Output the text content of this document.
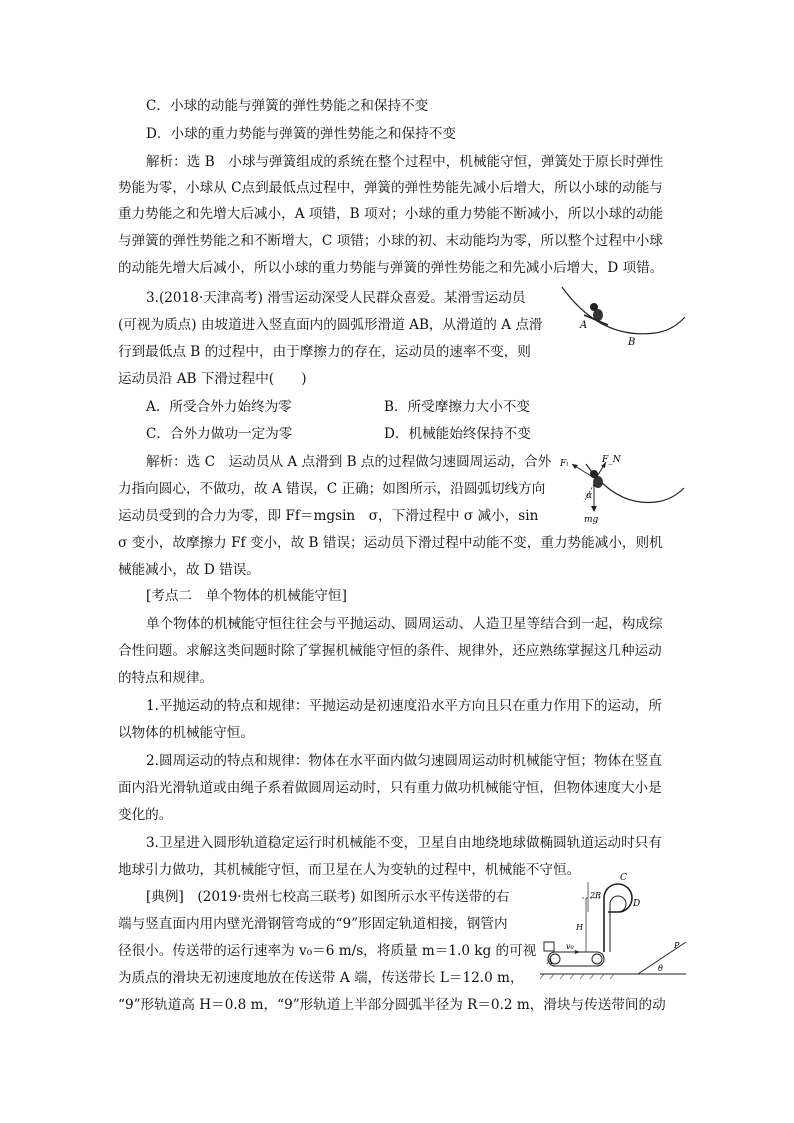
C．小球的动能与弹簧的弹性势能之和保持不变
D．小球的重力势能与弹簧的弹性势能之和保持不变
解析：选 B　小球与弹簧组成的系统在整个过程中，机械能守恒，弹簧处于原长时弹性
势能为零，小球从 C点到最低点过程中，弹簧的弹性势能先减小后增大，所以小球的动能与
重力势能之和先增大后减小，A 项错，B 项对；小球的重力势能不断减小，所以小球的动能
与弹簧的弹性势能之和不断增大，C 项错；小球的初、末动能均为零，所以整个过程中小球
的动能先增大后减小，所以小球的重力势能与弹簧的弹性势能之和先减小后增大，D 项错。
3.(2018·天津高考) 滑雪运动深受人民群众喜爱。某滑雪运动员
(可视为质点) 由坡道进入竖直面内的圆弧形滑道 AB，从滑道的 A 点滑
行到最低点 B 的过程中，由于摩擦力的存在，运动员的速率不变，则
运动员沿 AB 下滑过程中(　　)
A．所受合外力始终为零	B．所受摩擦力大小不变
C．合外力做功一定为零	D．机械能始终保持不变
解析：选 C　运动员从 A 点滑到 B 点的过程做匀速圆周运动，合外
力指向圆心，不做功，故 A 错误，C 正确；如图所示，沿圆弧切线方向
运动员受到的合力为零，即 Ff＝mgsin　σ，下滑过程中 σ 减小，sin
σ 变小，故摩擦力 Ff 变小，故 B 错误；运动员下滑过程中动能不变，重力势能减小，则机
械能减小，故 D 错误。
[考点二　单个物体的机械能守恒]
单个物体的机械能守恒往往会与平抛运动、圆周运动、人造卫星等结合到一起，构成综
合性问题。求解这类问题时除了掌握机械能守恒的条件、规律外，还应熟练掌握这几种运动
的特点和规律。
1.平抛运动的特点和规律：平抛运动是初速度沿水平方向且只在重力作用下的运动，所
以物体的机械能守恒。
2.圆周运动的特点和规律：物体在水平面内做匀速圆周运动时机械能守恒；物体在竖直
面内沿光滑轨道或由绳子系着做圆周运动时，只有重力做功机械能守恒，但物体速度大小是
变化的。
3.卫星进入圆形轨道稳定运行时机械能不变，卫星自由地绕地球做椭圆轨道运动时只有
地球引力做功，其机械能守恒，而卫星在人为变轨的过程中，机械能不守恒。
[典例]　(2019·贵州七校高三联考) 如图所示水平传送带的右
端与竖直面内用内壁光滑钢管弯成的“9”形固定轨道相接，钢管内
径很小。传送带的运行速率为 v₀＝6 m/s，将质量 m＝1.0 kg 的可视
为质点的滑块无初速度地放在传送带 A 端，传送带长 L＝12.0 m，
“9”形轨道高 H＝0.8 m，“9”形轨道上半部分圆弧半径为 R＝0.2 m，滑块与传送带间的动
A
B
Fₗ	F_N
α
mg
A
v₀
2R
H
C
D
θ
P
